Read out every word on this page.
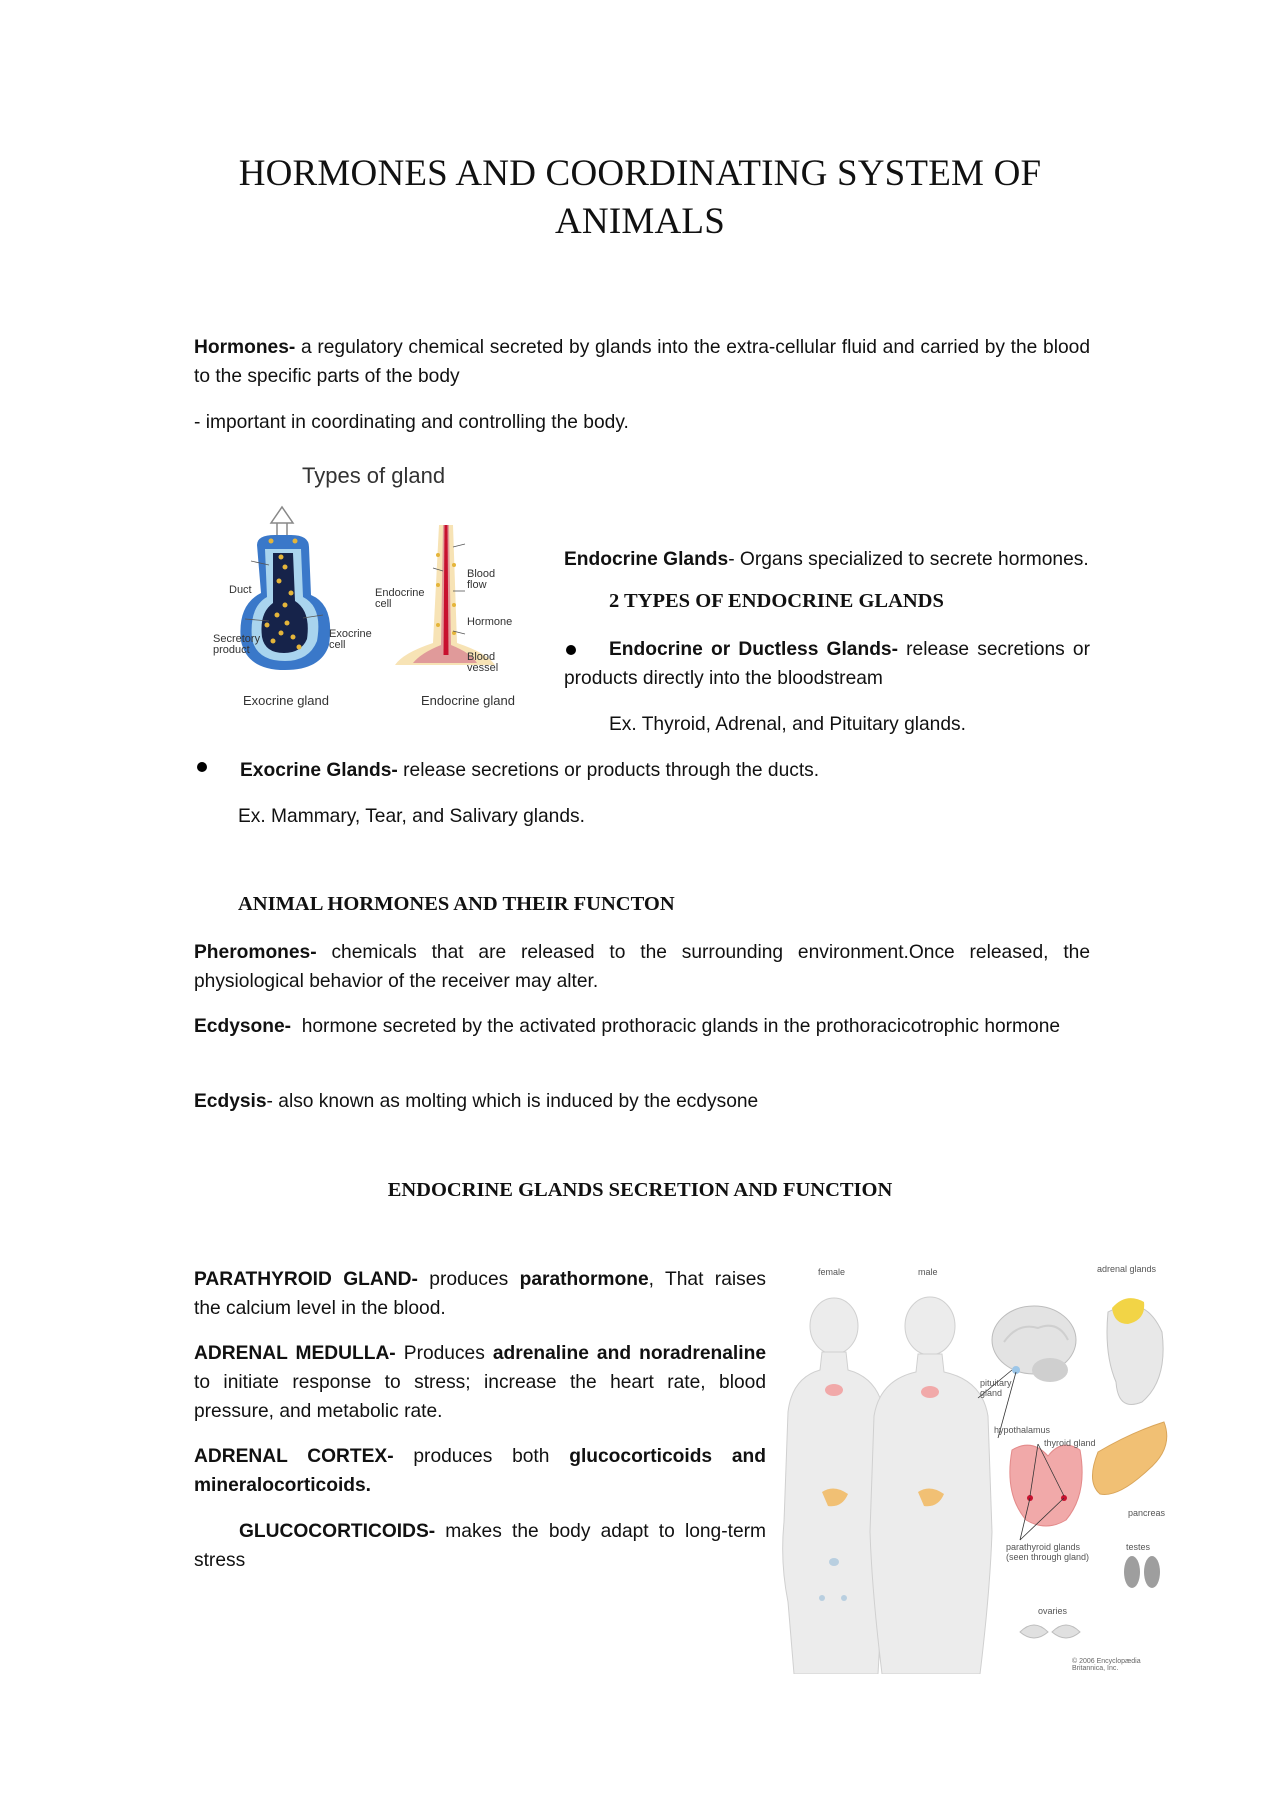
HORMONES AND COORDINATING SYSTEM OF
ANIMALS
Hormones- a regulatory chemical secreted by glands into the extra-cellular fluid and carried by the blood to the specific parts of the body
- important in coordinating and controlling the body.
Types of gland
Duct
Secretory
product
Exocrine
cell
Endocrine
cell
Blood
flow
Hormone
Blood
vessel
Exocrine gland	Endocrine gland
Endocrine Glands- Organs specialized to secrete hormones.
2 TYPES OF ENDOCRINE GLANDS
Endocrine or Ductless Glands- release secretions or products directly into the bloodstream
Ex. Thyroid, Adrenal, and Pituitary glands.
Exocrine Glands- release secretions or products through the ducts.
Ex. Mammary, Tear, and Salivary glands.
ANIMAL HORMONES AND THEIR FUNCTON
Pheromones- chemicals that are released to the surrounding environment.Once released, the physiological behavior of the receiver may alter.
Ecdysone-  hormone secreted by the activated prothoracic glands in the prothoracicotrophic hormone
Ecdysis- also known as molting which is induced by the ecdysone
ENDOCRINE GLANDS SECRETION AND FUNCTION
PARATHYROID GLAND- produces parathormone, That raises the calcium level in the blood.
ADRENAL MEDULLA- Produces adrenaline and noradrenaline to initiate response to stress; increase the heart rate, blood pressure, and metabolic rate.
ADRENAL CORTEX- produces both glucocorticoids and mineralocorticoids.
GLUCOCORTICOIDS- makes the body adapt to long-term stress
female	male	adrenal glands
pituitary
gland
hypothalamus
thyroid gland
pancreas
parathyroid glands
(seen through gland)
testes
ovaries
© 2006 Encyclopædia Britannica, Inc.
